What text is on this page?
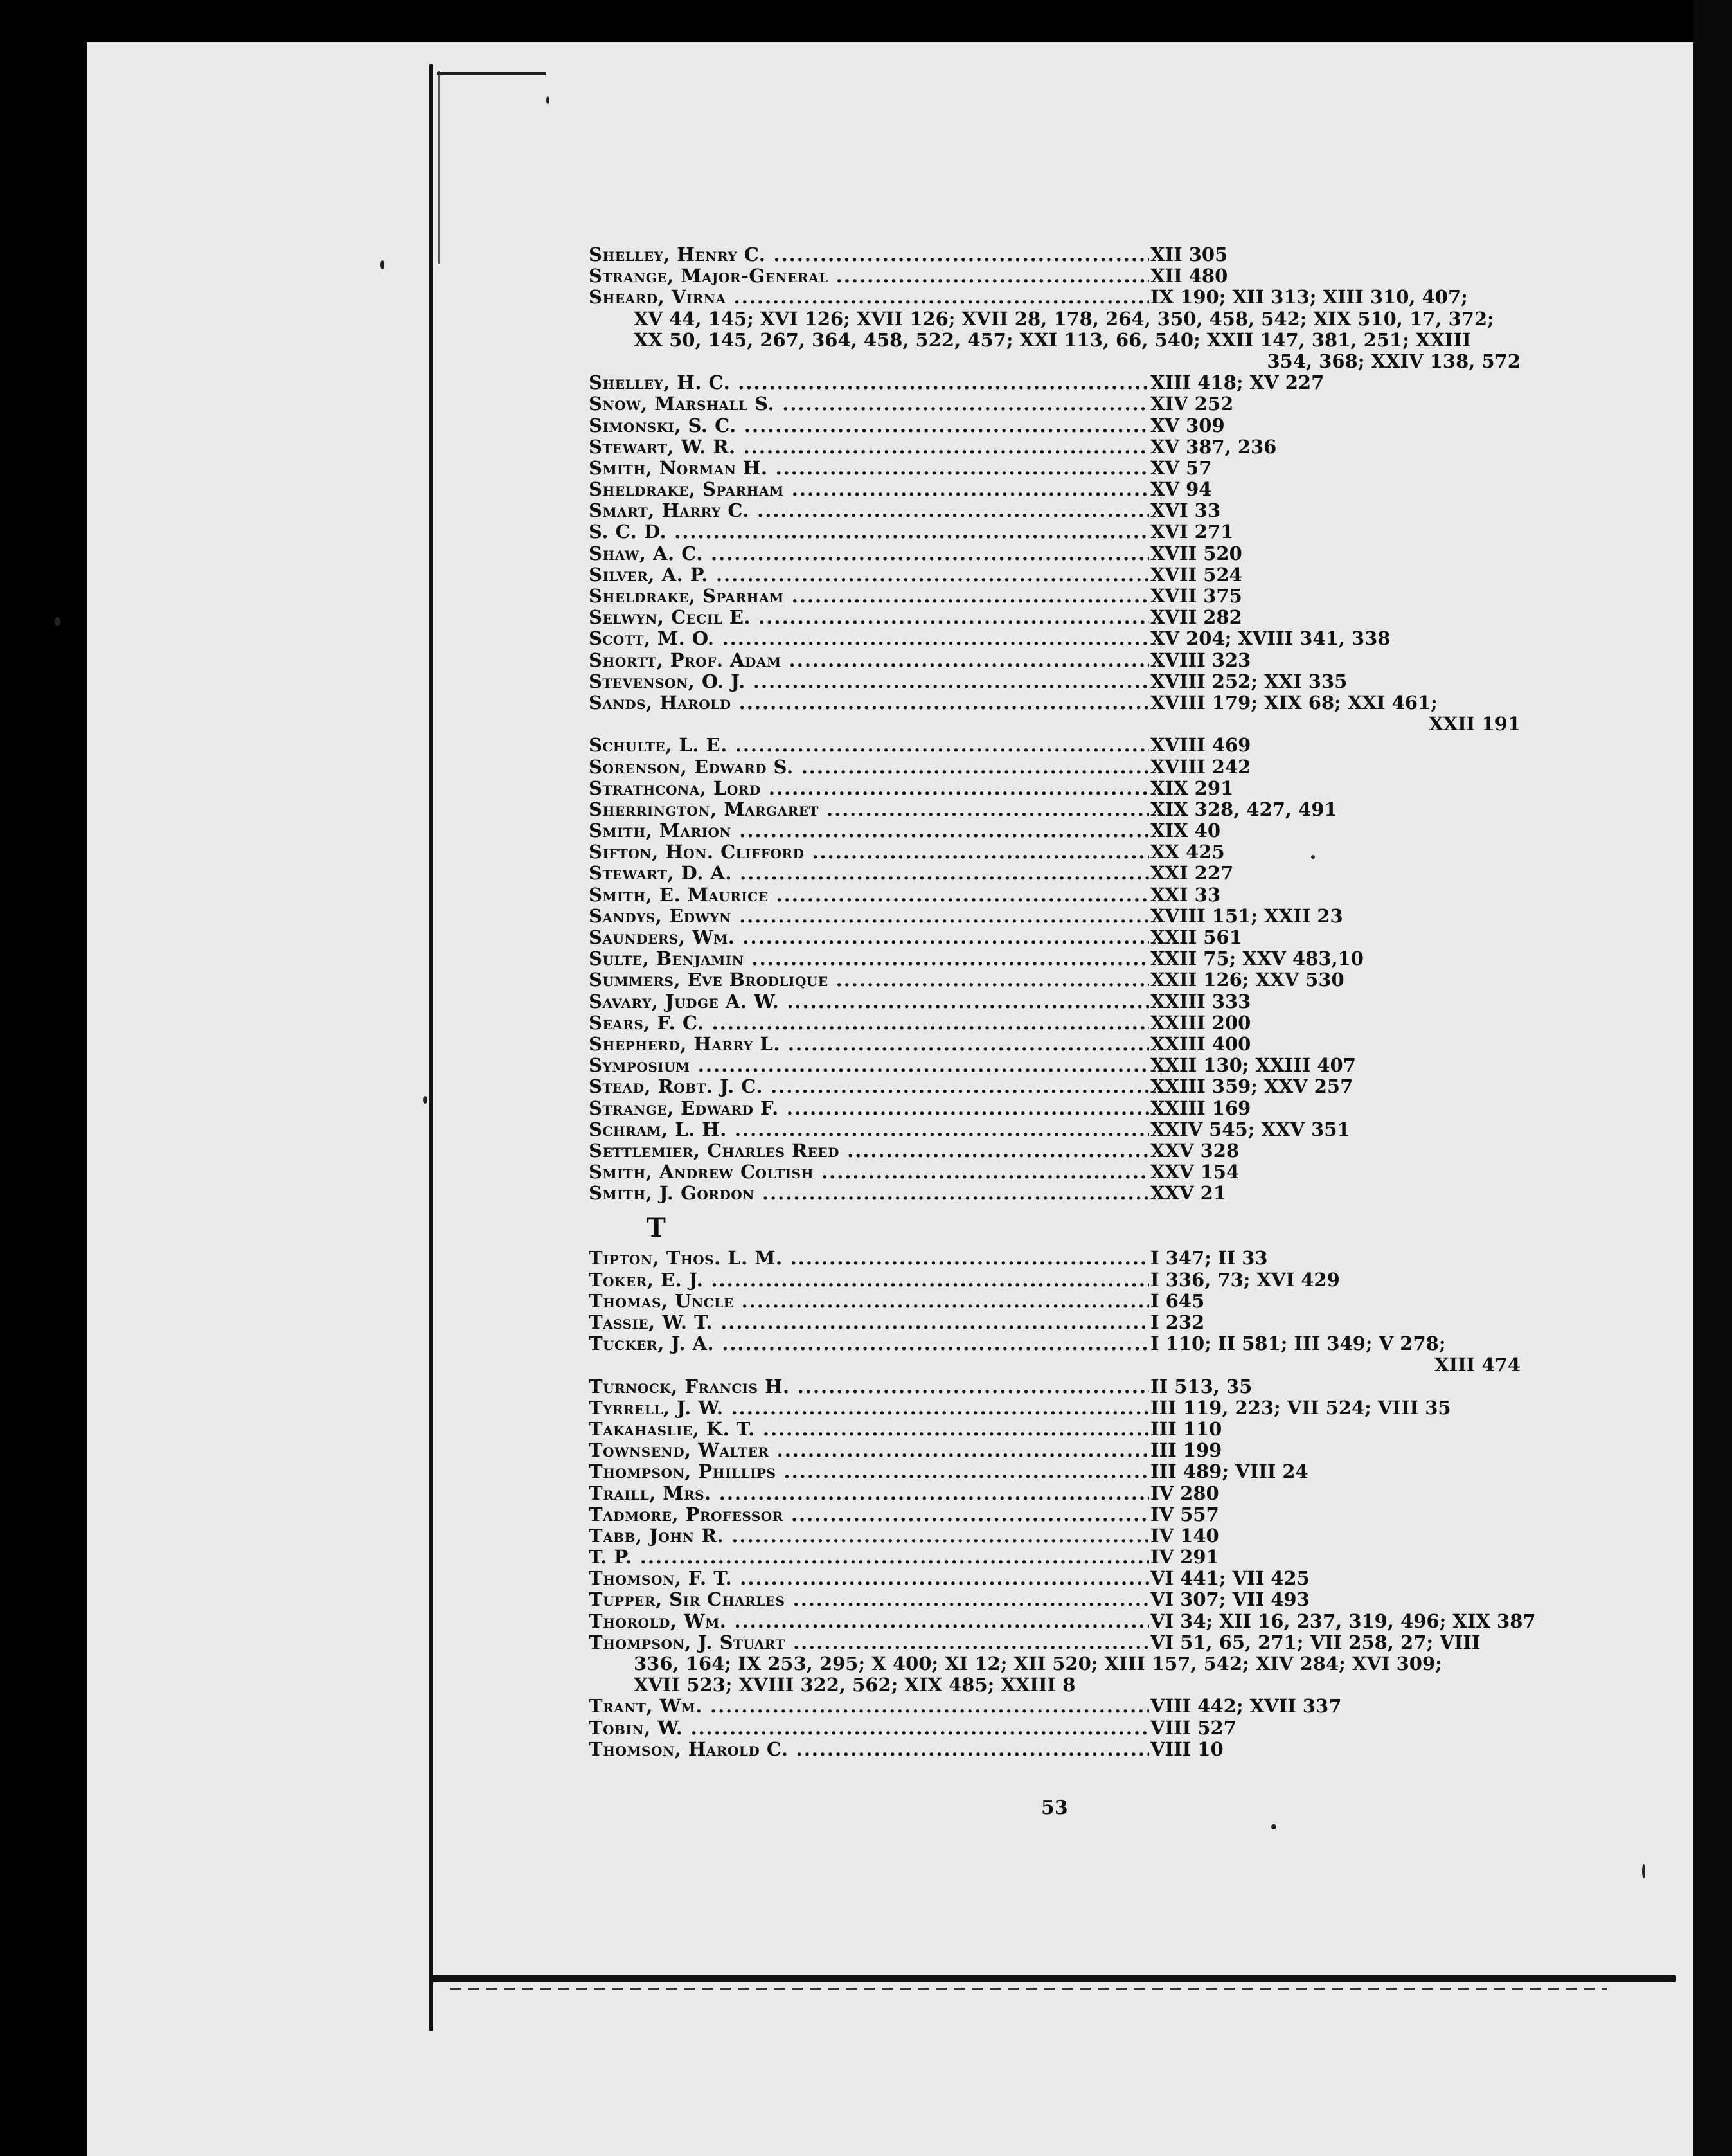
Shelley, Henry C. .....	XII 305
Strange, Major-General .....	XII 480
Sheard, Virna .....	IX 190; XII 313; XIII 310, 407;
XV 44, 145; XVI 126; XVII 126; XVII 28, 178, 264, 350, 458, 542; XIX 510, 17, 372;
XX 50, 145, 267, 364, 458, 522, 457; XXI 113, 66, 540; XXII 147, 381, 251; XXIII
354, 368; XXIV 138, 572
Shelley, H. C. .....	XIII 418; XV 227
Snow, Marshall S. .....	XIV 252
Simonski, S. C. .....	XV 309
Stewart, W. R. .....	XV 387, 236
Smith, Norman H. .....	XV 57
Sheldrake, Sparham .....	XV 94
Smart, Harry C. .....	XVI 33
S. C. D. .....	XVI 271
Shaw, A. C. .....	XVII 520
Silver, A. P. .....	XVII 524
Sheldrake, Sparham .....	XVII 375
Selwyn, Cecil E. .....	XVII 282
Scott, M. O. .....	XV 204; XVIII 341, 338
Shortt, Prof. Adam .....	XVIII 323
Stevenson, O. J. .....	XVIII 252; XXI 335
Sands, Harold .....	XVIII 179; XIX 68; XXI 461;
XXII 191
Schulte, L. E. .....	XVIII 469
Sorenson, Edward S. .....	XVIII 242
Strathcona, Lord .....	XIX 291
Sherrington, Margaret .....	XIX 328, 427, 491
Smith, Marion .....	XIX 40
Sifton, Hon. Clifford .....	XX 425
Stewart, D. A. .....	XXI 227
Smith, E. Maurice .....	XXI 33
Sandys, Edwyn .....	XVIII 151; XXII 23
Saunders, Wm. .....	XXII 561
Sulte, Benjamin .....	XXII 75; XXV 483,10
Summers, Eve Brodlique .....	XXII 126; XXV 530
Savary, Judge A. W. .....	XXIII 333
Sears, F. C. .....	XXIII 200
Shepherd, Harry L. .....	XXIII 400
Symposium .....	XXII 130; XXIII 407
Stead, Robt. J. C. .....	XXIII 359; XXV 257
Strange, Edward F. .....	XXIII 169
Schram, L. H. .....	XXIV 545; XXV 351
Settlemier, Charles Reed .....	XXV 328
Smith, Andrew Coltish .....	XXV 154
Smith, J. Gordon .....	XXV 21
T
Tipton, Thos. L. M. .....	I 347; II 33
Toker, E. J. .....	I 336, 73; XVI 429
Thomas, Uncle .....	I 645
Tassie, W. T. .....	I 232
Tucker, J. A. .....	I 110; II 581; III 349; V 278;
XIII 474
Turnock, Francis H. .....	II 513, 35
Tyrrell, J. W. .....	III 119, 223; VII 524; VIII 35
Takahaslie, K. T. .....	III 110
Townsend, Walter .....	III 199
Thompson, Phillips .....	III 489; VIII 24
Traill, Mrs. .....	IV 280
Tadmore, Professor .....	IV 557
Tabb, John R. .....	IV 140
T. P. .....	IV 291
Thomson, F. T. .....	VI 441; VII 425
Tupper, Sir Charles .....	VI 307; VII 493
Thorold, Wm. .....	VI 34; XII 16, 237, 319, 496; XIX 387
Thompson, J. Stuart .....	VI 51, 65, 271; VII 258, 27; VIII
336, 164; IX 253, 295; X 400; XI 12; XII 520; XIII 157, 542; XIV 284; XVI 309;
XVII 523; XVIII 322, 562; XIX 485; XXIII 8
Trant, Wm. .....	VIII 442; XVII 337
Tobin, W. .....	VIII 527
Thomson, Harold C. .....	VIII 10
53
